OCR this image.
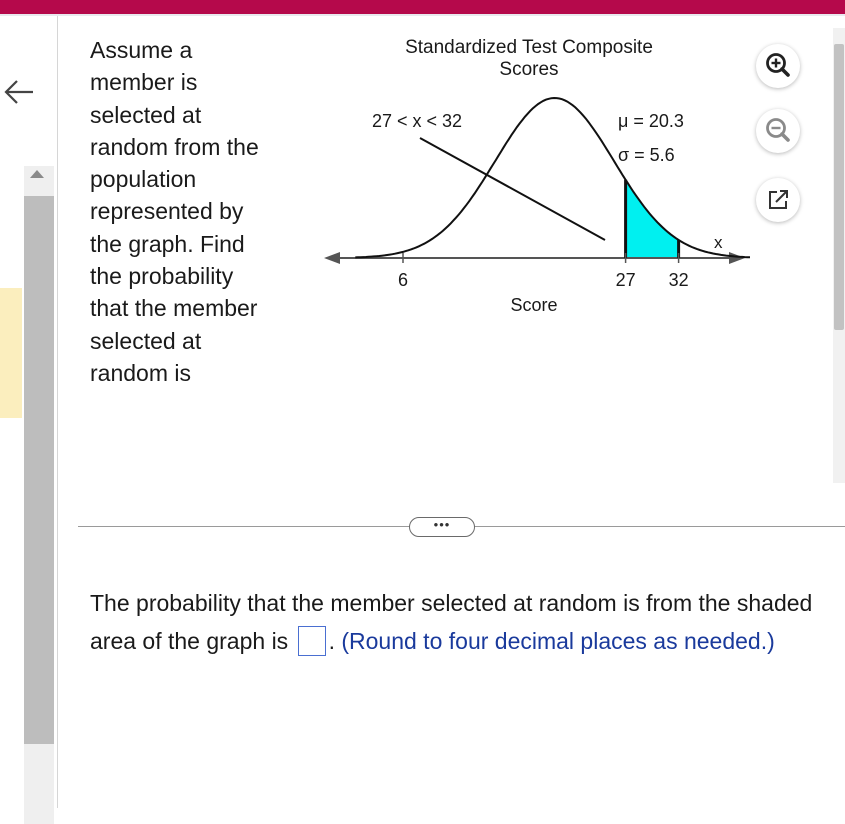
Assume a member is selected at random from the population represented by the graph. Find the probability that the member selected at random is
Standardized Test Composite
Scores
27 < x < 32	μ = 20.3
σ = 5.6
x
6	27 32
Score
•••
The probability that the member selected at random is from the shaded area of the graph is . (Round to four decimal places as needed.)
